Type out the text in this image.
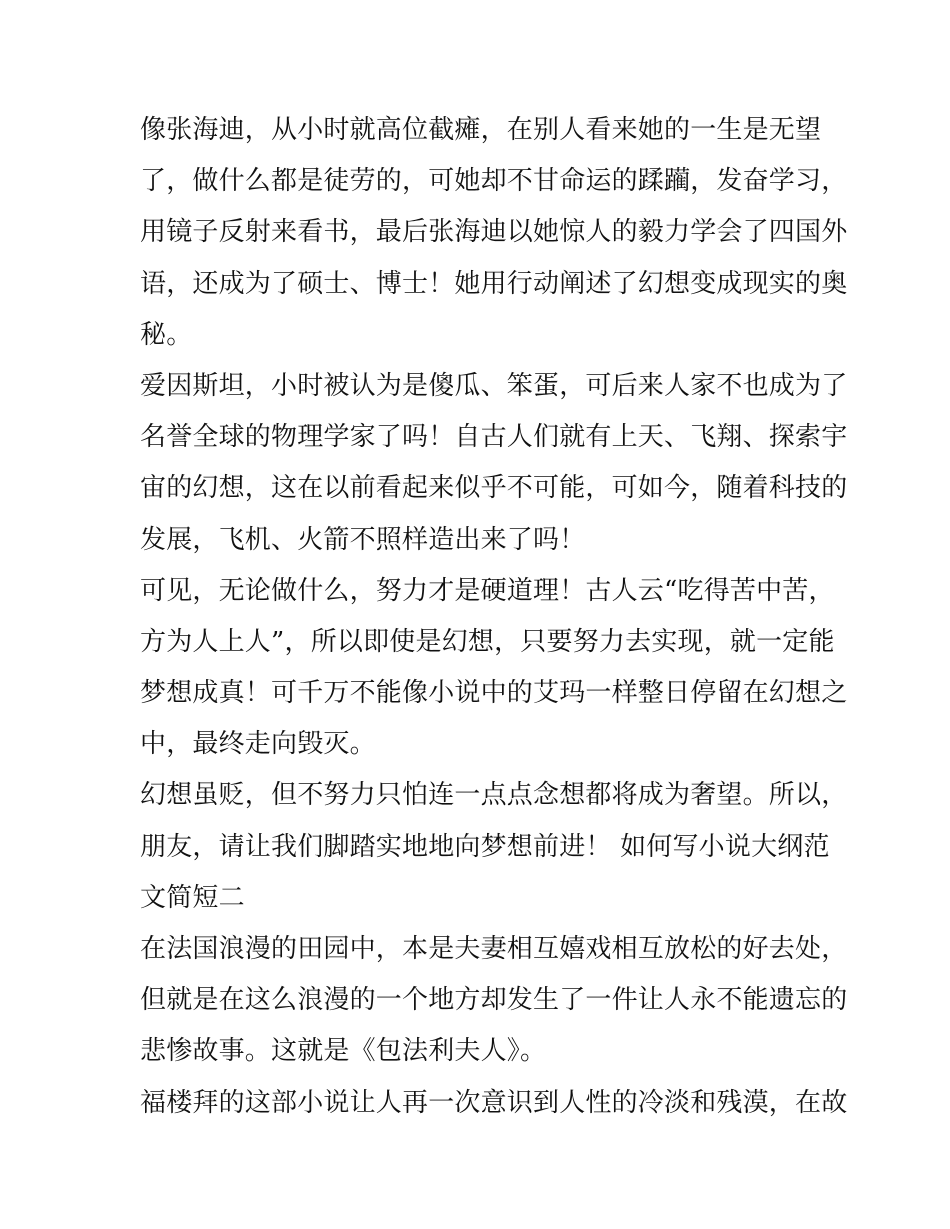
像张海迪，从小时就高位截瘫，在别人看来她的一生是无望
了，做什么都是徒劳的，可她却不甘命运的蹂躏，发奋学习，
用镜子反射来看书，最后张海迪以她惊人的毅力学会了四国外
语，还成为了硕士、博士！她用行动阐述了幻想变成现实的奥
秘。
爱因斯坦，小时被认为是傻瓜、笨蛋，可后来人家不也成为了
名誉全球的物理学家了吗！自古人们就有上天、飞翔、探索宇
宙的幻想，这在以前看起来似乎不可能，可如今，随着科技的
发展，飞机、火箭不照样造出来了吗！
可见，无论做什么，努力才是硬道理！古人云“吃得苦中苦，
方为人上人”，所以即使是幻想，只要努力去实现，就一定能
梦想成真！可千万不能像小说中的艾玛一样整日停留在幻想之
中，最终走向毁灭。
幻想虽贬，但不努力只怕连一点点念想都将成为奢望。所以，
朋友，请让我们脚踏实地地向梦想前进！ 如何写小说大纲范
文简短二
在法国浪漫的田园中，本是夫妻相互嬉戏相互放松的好去处，
但就是在这么浪漫的一个地方却发生了一件让人永不能遗忘的
悲惨故事。这就是《包法利夫人》。
福楼拜的这部小说让人再一次意识到人性的冷淡和残漠，在故
